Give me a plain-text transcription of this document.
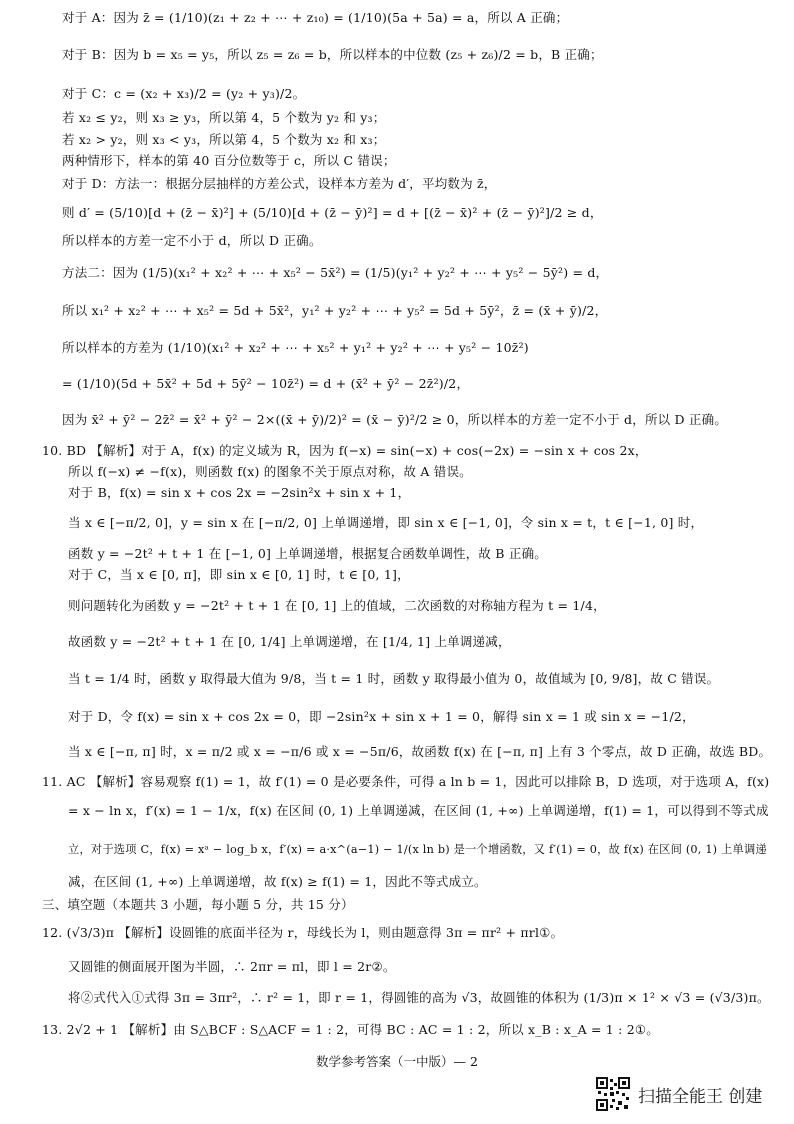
对于 A：因为 z̄ = (1/10)(z₁ + z₂ + ⋯ + z₁₀) = (1/10)(5a + 5a) = a，所以 A 正确；
对于 B：因为 b = x₅ = y₅，所以 z₅ = z₆ = b，所以样本的中位数 (z₅ + z₆)/2 = b，B 正确；
对于 C：c = (x₂ + x₃)/2 = (y₂ + y₃)/2。
若 x₂ ≤ y₂，则 x₃ ≥ y₃，所以第 4，5 个数为 y₂ 和 y₃；
若 x₂ > y₂，则 x₃ < y₃，所以第 4，5 个数为 x₂ 和 x₃；
两种情形下，样本的第 40 百分位数等于 c，所以 C 错误；
对于 D：方法一：根据分层抽样的方差公式，设样本方差为 d′，平均数为 z̄，
则 d′ = (5/10)[d + (z̄ − x̄)²] + (5/10)[d + (z̄ − ȳ)²] = d + [(z̄ − x̄)² + (z̄ − ȳ)²]/2 ≥ d，
所以样本的方差一定不小于 d，所以 D 正确。
方法二：因为 (1/5)(x₁² + x₂² + ⋯ + x₅² − 5x̄²) = (1/5)(y₁² + y₂² + ⋯ + y₅² − 5ȳ²) = d，
所以 x₁² + x₂² + ⋯ + x₅² = 5d + 5x̄²，y₁² + y₂² + ⋯ + y₅² = 5d + 5ȳ²，z̄ = (x̄ + ȳ)/2，
所以样本的方差为 (1/10)(x₁² + x₂² + ⋯ + x₅² + y₁² + y₂² + ⋯ + y₅² − 10z̄²)
= (1/10)(5d + 5x̄² + 5d + 5ȳ² − 10z̄²) = d + (x̄² + ȳ² − 2z̄²)/2，
因为 x̄² + ȳ² − 2z̄² = x̄² + ȳ² − 2×((x̄ + ȳ)/2)² = (x̄ − ȳ)²/2 ≥ 0，所以样本的方差一定不小于 d，所以 D 正确。
10. BD 【解析】对于 A，f(x) 的定义域为 R，因为 f(−x) = sin(−x) + cos(−2x) = −sin x + cos 2x，
所以 f(−x) ≠ −f(x)，则函数 f(x) 的图象不关于原点对称，故 A 错误。
对于 B，f(x) = sin x + cos 2x = −2sin²x + sin x + 1，
当 x ∈ [−π/2, 0]，y = sin x 在 [−π/2, 0] 上单调递增，即 sin x ∈ [−1, 0]，令 sin x = t，t ∈ [−1, 0] 时，
函数 y = −2t² + t + 1 在 [−1, 0] 上单调递增，根据复合函数单调性，故 B 正确。
对于 C，当 x ∈ [0, π]，即 sin x ∈ [0, 1] 时，t ∈ [0, 1]，
则问题转化为函数 y = −2t² + t + 1 在 [0, 1] 上的值域，二次函数的对称轴方程为 t = 1/4，
故函数 y = −2t² + t + 1 在 [0, 1/4] 上单调递增，在 [1/4, 1] 上单调递减，
当 t = 1/4 时，函数 y 取得最大值为 9/8，当 t = 1 时，函数 y 取得最小值为 0，故值域为 [0, 9/8]，故 C 错误。
对于 D，令 f(x) = sin x + cos 2x = 0，即 −2sin²x + sin x + 1 = 0，解得 sin x = 1 或 sin x = −1/2，
当 x ∈ [−π, π] 时，x = π/2 或 x = −π/6 或 x = −5π/6，故函数 f(x) 在 [−π, π] 上有 3 个零点，故 D 正确，故选 BD。
11. AC 【解析】容易观察 f(1) = 1，故 f′(1) = 0 是必要条件，可得 a ln b = 1，因此可以排除 B，D 选项，对于选项 A，f(x)
= x − ln x，f′(x) = 1 − 1/x，f(x) 在区间 (0, 1) 上单调递减，在区间 (1, +∞) 上单调递增，f(1) = 1，可以得到不等式成
立，对于选项 C，f(x) = xᵃ − log_b x，f′(x) = a·x^(a−1) − 1/(x ln b) 是一个增函数，又 f′(1) = 0，故 f(x) 在区间 (0, 1) 上单调递
减，在区间 (1, +∞) 上单调递增，故 f(x) ≥ f(1) = 1，因此不等式成立。
三、填空题（本题共 3 小题，每小题 5 分，共 15 分）
12. (√3/3)π 【解析】设圆锥的底面半径为 r，母线长为 l，则由题意得 3π = πr² + πrl①。
又圆锥的侧面展开图为半圆，∴ 2πr = πl，即 l = 2r②。
将②式代入①式得 3π = 3πr²，∴ r² = 1，即 r = 1，得圆锥的高为 √3，故圆锥的体积为 (1/3)π × 1² × √3 = (√3/3)π。
13. 2√2 + 1 【解析】由 S△BCF : S△ACF = 1 : 2，可得 BC : AC = 1 : 2，所以 x_B : x_A = 1 : 2①。
数学参考答案（一中版）— 2
扫描全能王 创建
